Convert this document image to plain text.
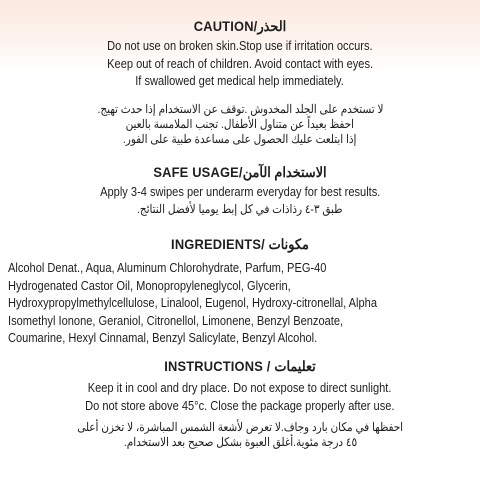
CAUTION/الحذر
Do not use on broken skin.Stop use if irritation occurs.
Keep out of reach of children. Avoid contact with eyes.
If swallowed get medical help immediately.
لا تستخدم على الجلد المخدوش .توقف عن الاستخدام إذا حدث تهيج.
احفظ بعيداً عن متناول الأطفال. تجنب الملامسة بالعين
إذا ابتلعت عليك الحصول على مساعدة طبية على الفور.
SAFE USAGE/الاستخدام الآمن
Apply 3-4 swipes per underarm everyday for best results.
طبق ٣-٤ رذاذات في كل إبط يوميا لأفضل النتائج.
INGREDIENTS/ مكونات
Alcohol Denat., Aqua, Aluminum Chlorohydrate, Parfum, PEG-40
Hydrogenated Castor Oil, Monopropyleneglycol, Glycerin,
Hydroxypropylmethylcellulose, Linalool, Eugenol, Hydroxy-citronellal, Alpha
Isomethyl Ionone, Geraniol, Citronellol, Limonene, Benzyl Benzoate,
Coumarine, Hexyl Cinnamal, Benzyl Salicylate, Benzyl Alcohol.
INSTRUCTIONS / تعليمات
Keep it in cool and dry place. Do not expose to direct sunlight.
Do not store above 45°c. Close the package properly after use.
احفظها في مكان بارد وجاف.لا تعرض لأشعة الشمس المباشرة، لا تخزن أعلى
٤٥ درجة مئوية.أغلق العبوة بشكل صحيح بعد الاستخدام.
